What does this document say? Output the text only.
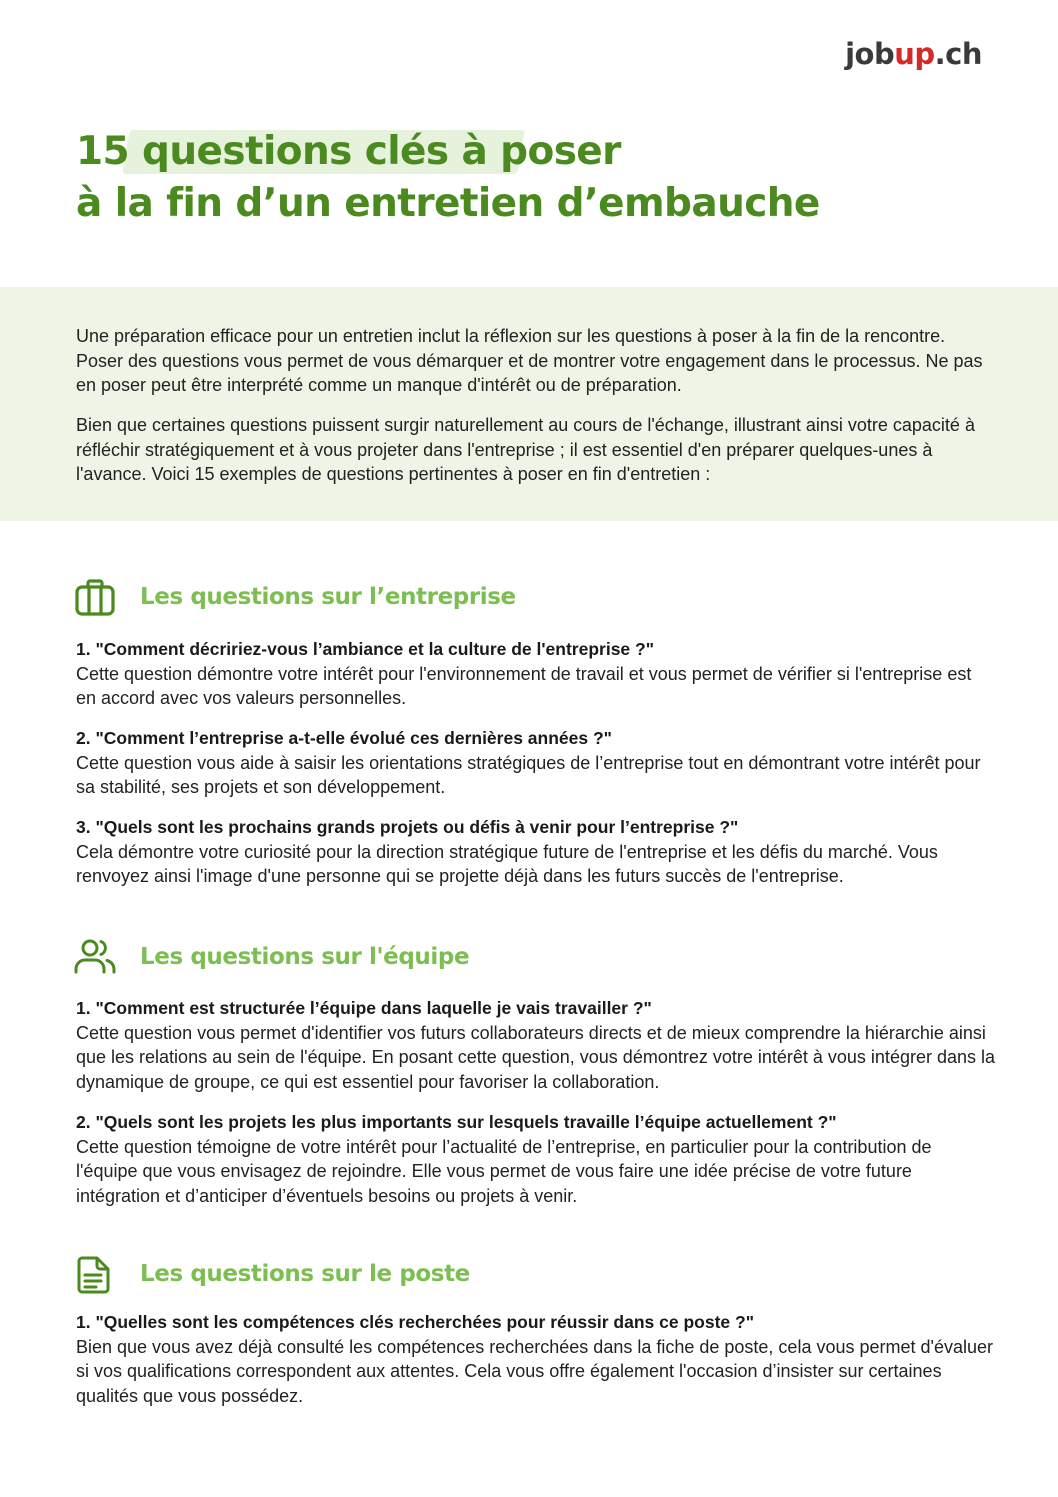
jobup.ch
15 questions clés à poser
à la fin d’un entretien d’embauche

Une préparation efficace pour un entretien inclut la réflexion sur les questions à poser à la fin de la rencontre. Poser des questions vous permet de vous démarquer et de montrer votre engagement dans le processus. Ne pas en poser peut être interprété comme un manque d'intérêt ou de préparation.

Bien que certaines questions puissent surgir naturellement au cours de l'échange, illustrant ainsi votre capacité à réfléchir stratégiquement et à vous projeter dans l'entreprise ; il est essentiel d'en préparer quelques-unes à l'avance. Voici 15 exemples de questions pertinentes à poser en fin d'entretien :

Les questions sur l’entreprise

1. "Comment décririez-vous l’ambiance et la culture de l'entreprise ?"

Cette question démontre votre intérêt pour l'environnement de travail et vous permet de vérifier si l'entreprise est en accord avec vos valeurs personnelles.

2. "Comment l’entreprise a-t-elle évolué ces dernières années ?"

Cette question vous aide à saisir les orientations stratégiques de l’entreprise tout en démontrant votre intérêt pour sa stabilité, ses projets et son développement.

3. "Quels sont les prochains grands projets ou défis à venir pour l’entreprise ?"

Cela démontre votre curiosité pour la direction stratégique future de l'entreprise et les défis du marché. Vous renvoyez ainsi l'image d'une personne qui se projette déjà dans les futurs succès de l'entreprise.

Les questions sur l'équipe

1. "Comment est structurée l’équipe dans laquelle je vais travailler ?"

Cette question vous permet d'identifier vos futurs collaborateurs directs et de mieux comprendre la hiérarchie ainsi que les relations au sein de l'équipe. En posant cette question, vous démontrez votre intérêt à vous intégrer dans la dynamique de groupe, ce qui est essentiel pour favoriser la collaboration.

2. "Quels sont les projets les plus importants sur lesquels travaille l’équipe actuellement ?"

Cette question témoigne de votre intérêt pour l’actualité de l’entreprise, en particulier pour la contribution de l'équipe que vous envisagez de rejoindre. Elle vous permet de vous faire une idée précise de votre future intégration et d’anticiper d’éventuels besoins ou projets à venir.

Les questions sur le poste

1. "Quelles sont les compétences clés recherchées pour réussir dans ce poste ?"

Bien que vous avez déjà consulté les compétences recherchées dans la fiche de poste, cela vous permet d'évaluer si vos qualifications correspondent aux attentes. Cela vous offre également l'occasion d’insister sur certaines qualités que vous possédez.
